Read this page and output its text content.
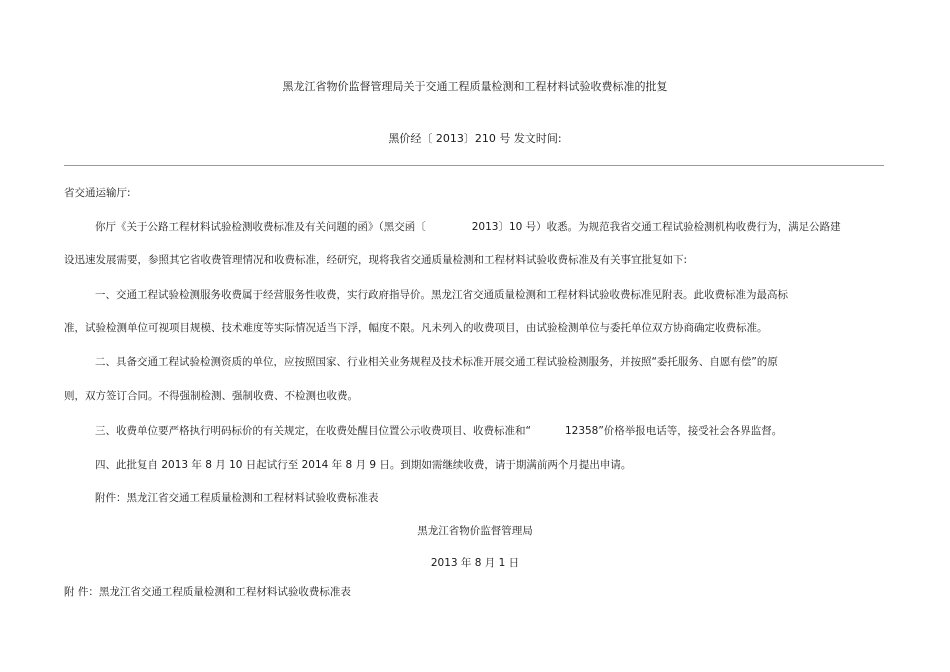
黑龙江省物价监督管理局关于交通工程质量检测和工程材料试验收费标准的批复
黑价经〔 2013〕210 号 发文时间:
省交通运输厅:
你厅《关于公路工程材料试验检测收费标准及有关问题的函》（黑交函〔	2013〕10 号）收悉。为规范我省交通工程试验检测机构收费行为，满足公路建
设迅速发展需要，参照其它省收费管理情况和收费标准，经研究，现将我省交通质量检测和工程材料试验收费标准及有关事宜批复如下:
一、交通工程试验检测服务收费属于经营服务性收费，实行政府指导价。黑龙江省交通质量检测和工程材料试验收费标准见附表。此收费标准为最高标
准，试验检测单位可视项目规模、技术难度等实际情况适当下浮，幅度不限。凡未列入的收费项目，由试验检测单位与委托单位双方协商确定收费标准。
二、具备交通工程试验检测资质的单位，应按照国家、行业相关业务规程及技术标准开展交通工程试验检测服务，并按照“委托服务、自愿有偿”的原
则，双方签订合同。不得强制检测、强制收费、不检测也收费。
三、收费单位要严格执行明码标价的有关规定，在收费处醒目位置公示收费项目、收费标准和“	12358”价格举报电话等，接受社会各界监督。
四、此批复自 2013 年 8 月 10 日起试行至 2014 年 8 月 9 日。到期如需继续收费，请于期满前两个月提出申请。
附件：黑龙江省交通工程质量检测和工程材料试验收费标准表
黑龙江省物价监督管理局
2013 年 8 月 1 日
附 件：黑龙江省交通工程质量检测和工程材料试验收费标准表
